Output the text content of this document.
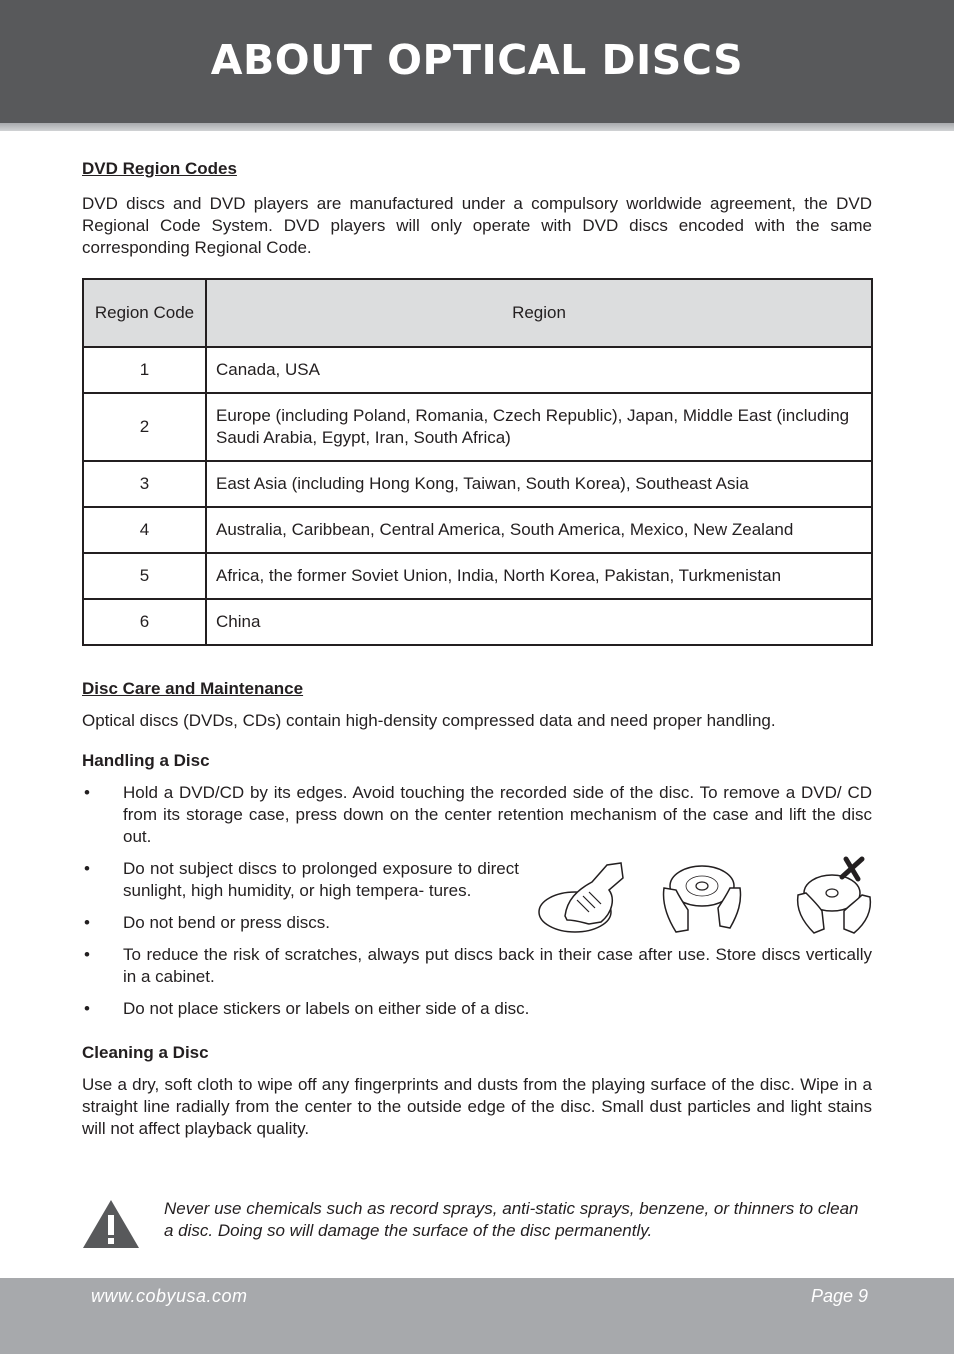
ABOUT OPTICAL DISCS
DVD Region Codes

DVD discs and DVD players are manufactured under a compulsory worldwide agreement, the DVD Regional Code System. DVD players will only operate with DVD discs encoded with the same corresponding Regional Code.

Region Code	Region
1	Canada, USA
2	Europe (including Poland, Romania, Czech Republic), Japan, Middle East (including Saudi Arabia, Egypt, Iran, South Africa)
3	East Asia (including Hong Kong, Taiwan, South Korea), Southeast Asia
4	Australia, Caribbean, Central America, South America, Mexico, New Zealand
5	Africa, the former Soviet Union, India, North Korea, Pakistan, Turkmenistan
6	China
Disc Care and Maintenance

Optical discs (DVDs, CDs) contain high-density compressed data and need proper handling.

Handling a Disc
• Hold a DVD/CD by its edges. Avoid touching the recorded side of the disc. To remove a DVD/ CD from its storage case, press down on the center retention mechanism of the case and lift the disc out.
• Do not subject discs to prolonged exposure to direct sunlight, high humidity, or high tempera- tures.
• Do not bend or press discs.
• To reduce the risk of scratches, always put discs back in their case after use. Store discs vertically in a cabinet.
• Do not place stickers or labels on either side of a disc.
Cleaning a Disc

Use a dry, soft cloth to wipe off any fingerprints and dusts from the playing surface of the disc. Wipe in a straight line radially from the center to the outside edge of the disc. Small dust particles and light stains will not affect playback quality.

Never use chemicals such as record sprays, anti-static sprays, benzene, or thinners to clean a disc. Doing so will damage the surface of the disc permanently.
www.cobyusa.com	Page 9
